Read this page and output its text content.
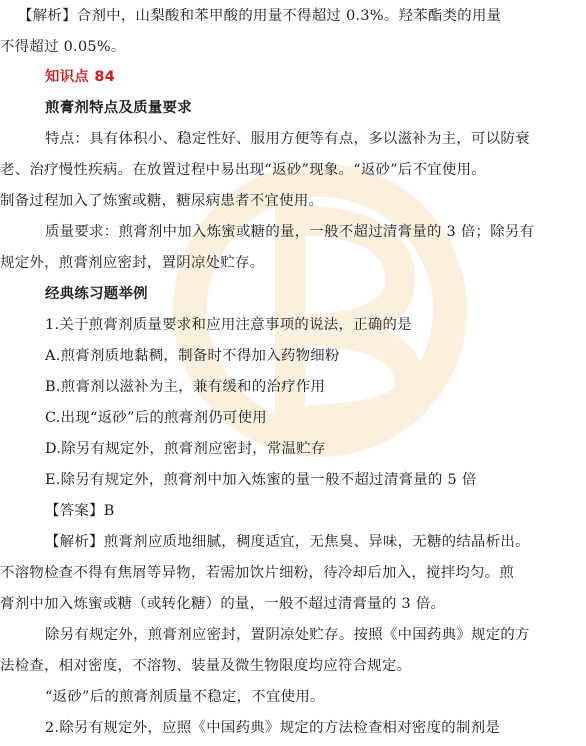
【解析】合剂中，山梨酸和苯甲酸的用量不得超过 0.3%。羟苯酯类的用量
不得超过 0.05%。
知识点 84
煎膏剂特点及质量要求
特点：具有体积小、稳定性好、服用方便等有点，多以滋补为主，可以防衰
老、治疗慢性疾病。在放置过程中易出现“返砂”现象。“返砂”后不宜使用。
制备过程加入了炼蜜或糖，糖尿病患者不宜使用。
质量要求：煎膏剂中加入炼蜜或糖的量，一般不超过清膏量的 3 倍；除另有
规定外，煎膏剂应密封，置阴凉处贮存。
经典练习题举例
1.关于煎膏剂质量要求和应用注意事项的说法，正确的是
A.煎膏剂质地黏稠，制备时不得加入药物细粉
B.煎膏剂以滋补为主，兼有缓和的治疗作用
C.出现“返砂”后的煎膏剂仍可使用
D.除另有规定外，煎膏剂应密封，常温贮存
E.除另有规定外，煎膏剂中加入炼蜜的量一般不超过清膏量的 5 倍
【答案】B
【解析】煎膏剂应质地细腻，稠度适宜，无焦臭、异味，无糖的结晶析出。
不溶物检查不得有焦屑等异物，若需加饮片细粉，待冷却后加入，搅拌均匀。煎
膏剂中加入炼蜜或糖（或转化糖）的量，一般不超过清膏量的 3 倍。
除另有规定外，煎膏剂应密封，置阴凉处贮存。按照《中国药典》规定的方
法检查，相对密度，不溶物、装量及微生物限度均应符合规定。
“返砂”后的煎膏剂质量不稳定，不宜使用。
2.除另有规定外，应照《中国药典》规定的方法检查相对密度的制剂是
